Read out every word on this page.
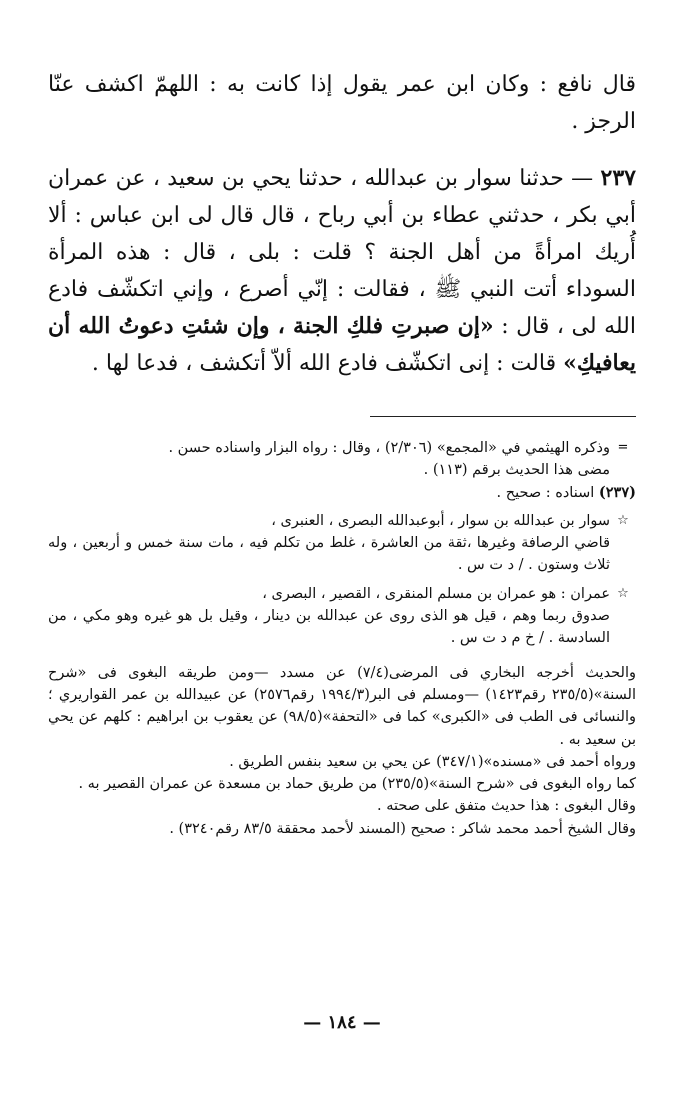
قال نافع : وكان ابن عمر يقول إذا كانت به : اللهمّ اكشف عنّا الرجز .

٢٣٧ — حدثنا سوار بن عبدالله ، حدثنا يحي بن سعيد ، عن عمران أبي بكر ، حدثني عطاء بن أبي رباح ، قال قال لى ابن عباس : ألا أُريك امرأةً من أهل الجنة ؟ قلت : بلى ، قال : هذه المرأة السوداء أتت النبي ﷺ ، فقالت : إنّي أصرع ، وإني اتكشّف فادع الله لى ، قال : «إن صبرتِ فلكِ الجنة ، وإن شئتِ دعوتُ الله أن يعافيكِ» قالت : إنى اتكشّف فادع الله ألاّ أتكشف ، فدعا لها .

=

وذكره الهيثمي في «المجمع» (٢/٣٠٦) ، وقال : رواه البزار واسناده حسن .

مضى هذا الحديث برقم (١١٣) .

(٢٣٧) اسناده : صحيح .

☆

سوار بن عبدالله بن سوار ، أبوعبدالله البصرى ، العنبرى ،

قاضي الرصافة وغيرها ،ثقة من العاشرة ، غلط من تكلم فيه ، مات سنة خمس و أربعين ، وله ثلاث وستون . / د ت س .

☆

عمران : هو عمران بن مسلم المنقرى ، القصير ، البصرى ،

صدوق ربما وهم ، قيل هو الذى روى عن عبدالله بن دينار ، وقيل بل هو غيره وهو مكي ، من السادسة . / خ م د ت س .

والحديث أخرجه البخاري فى المرضى(٧/٤) عن مسدد —ومن طريقه البغوى فى «شرح السنة»(٢٣٥/٥ رقم١٤٢٣) —ومسلم فى البر(١٩٩٤/٣ رقم٢٥٧٦) عن عبيدالله بن عمر القواريري ؛ والنسائى فى الطب فى «الكبرى» كما فى «التحفة»(٩٨/٥) عن يعقوب بن ابراهيم : كلهم عن يحي بن سعيد به .

ورواه أحمد فى «مسنده»(٣٤٧/١) عن يحي بن سعيد بنفس الطريق .

كما رواه البغوى فى «شرح السنة»(٢٣٥/٥) من طريق حماد بن مسعدة عن عمران القصير به .

وقال البغوى : هذا حديث متفق على صحته .

وقال الشيخ أحمد محمد شاكر : صحيح (المسند لأحمد محققة ٨٣/٥ رقم٣٢٤٠) .

— ١٨٤ —
